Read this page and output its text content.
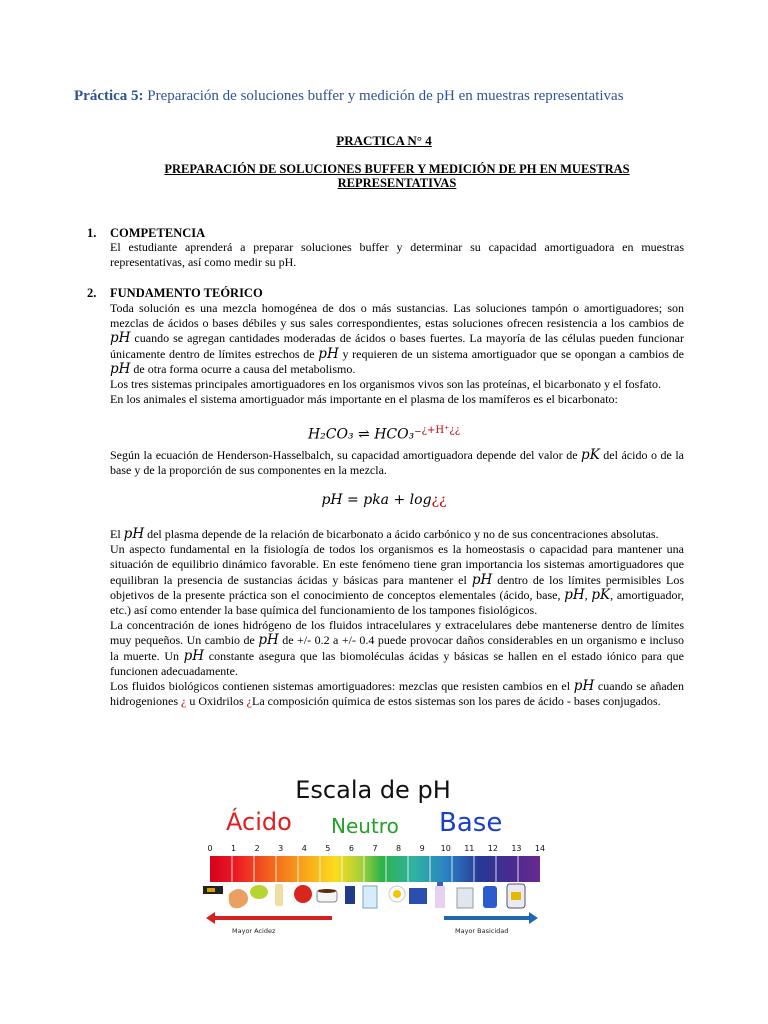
Práctica 5: Preparación de soluciones buffer y medición de pH en muestras representativas
PRACTICA N° 4
PREPARACIÓN DE SOLUCIONES BUFFER Y MEDICIÓN DE PH EN MUESTRAS REPRESENTATIVAS
1. COMPETENCIA

El estudiante aprenderá a preparar soluciones buffer y determinar su capacidad amortiguadora en muestras representativas, así como medir su pH.

2. FUNDAMENTO TEÓRICO

Toda solución es una mezcla homogénea de dos o más sustancias. Las soluciones tampón o amortiguadores; son mezclas de ácidos o bases débiles y sus sales correspondientes, estas soluciones ofrecen resistencia a los cambios de pH cuando se agregan cantidades moderadas de ácidos o bases fuertes. La mayoría de las células pueden funcionar únicamente dentro de límites estrechos de pH y requieren de un sistema amortiguador que se opongan a cambios de pH de otra forma ocurre a causa del metabolismo.

Los tres sistemas principales amortiguadores en los organismos vivos son las proteínas, el bicarbonato y el fosfato.

En los animales el sistema amortiguador más importante en el plasma de los mamíferos es el bicarbonato:

H₂CO₃ ⇌ HCO₃⁻$^{¿+H^+¿¿}$

Según la ecuación de Henderson-Hasselbalch, su capacidad amortiguadora depende del valor de pK del ácido o de la base y de la proporción de sus componentes en la mezcla.

pH = pka + log¿¿

El pH del plasma depende de la relación de bicarbonato a ácido carbónico y no de sus concentraciones absolutas.

Un aspecto fundamental en la fisiología de todos los organismos es la homeostasis o capacidad para mantener una situación de equilibrio dinámico favorable. En este fenómeno tiene gran importancia los sistemas amortiguadores que equilibran la presencia de sustancias ácidas y básicas para mantener el pH dentro de los límites permisibles Los objetivos de la presente práctica son el conocimiento de conceptos elementales (ácido, base, pH, pK, amortiguador, etc.) así como entender la base química del funcionamiento de los tampones fisiológicos.

La concentración de iones hidrógeno de los fluidos intracelulares y extracelulares debe mantenerse dentro de límites muy pequeños. Un cambio de pH de +/- 0.2 a +/- 0.4 puede provocar daños considerables en un organismo e incluso la muerte. Un pH constante asegura que las biomoléculas ácidas y básicas se hallen en el estado iónico para que funcionen adecuadamente.

Los fluidos biológicos contienen sistemas amortiguadores: mezclas que resisten cambios en el pH cuando se añaden hidrogeniones ¿ u Oxidrilos ¿La composición química de estos sistemas son los pares de ácido - bases conjugados.

Escala de pH
Ácido Neutro Base
0 1 2 3 4 5 6 7 8 9 10 11 12 13 14
Mayor Acidez	Mayor Basicidad
